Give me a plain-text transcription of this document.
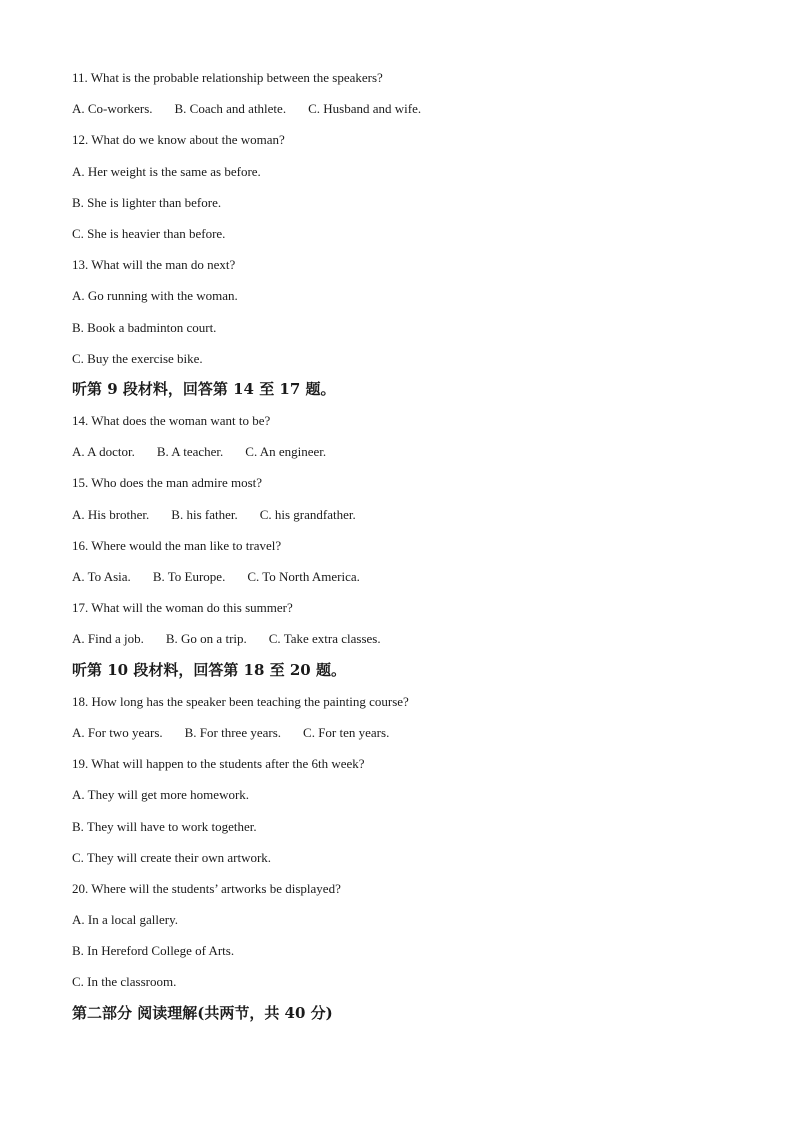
11. What is the probable relationship between the speakers?
A. Co-workers. B. Coach and athlete. C. Husband and wife.
12. What do we know about the woman?
A. Her weight is the same as before.
B. She is lighter than before.
C. She is heavier than before.
13. What will the man do next?
A. Go running with the woman.
B. Book a badminton court.
C. Buy the exercise bike.
听第 9 段材料，回答第 14 至 17 题。
14. What does the woman want to be?
A. A doctor. B. A teacher. C. An engineer.
15. Who does the man admire most?
A. His brother. B. his father. C. his grandfather.
16. Where would the man like to travel?
A. To Asia. B. To Europe. C. To North America.
17. What will the woman do this summer?
A. Find a job. B. Go on a trip. C. Take extra classes.
听第 10 段材料，回答第 18 至 20 题。
18. How long has the speaker been teaching the painting course?
A. For two years. B. For three years. C. For ten years.
19. What will happen to the students after the 6th week?
A. They will get more homework.
B. They will have to work together.
C. They will create their own artwork.
20. Where will the students’ artworks be displayed?
A. In a local gallery.
B. In Hereford College of Arts.
C. In the classroom.
第二部分 阅读理解(共两节，共 40 分)
